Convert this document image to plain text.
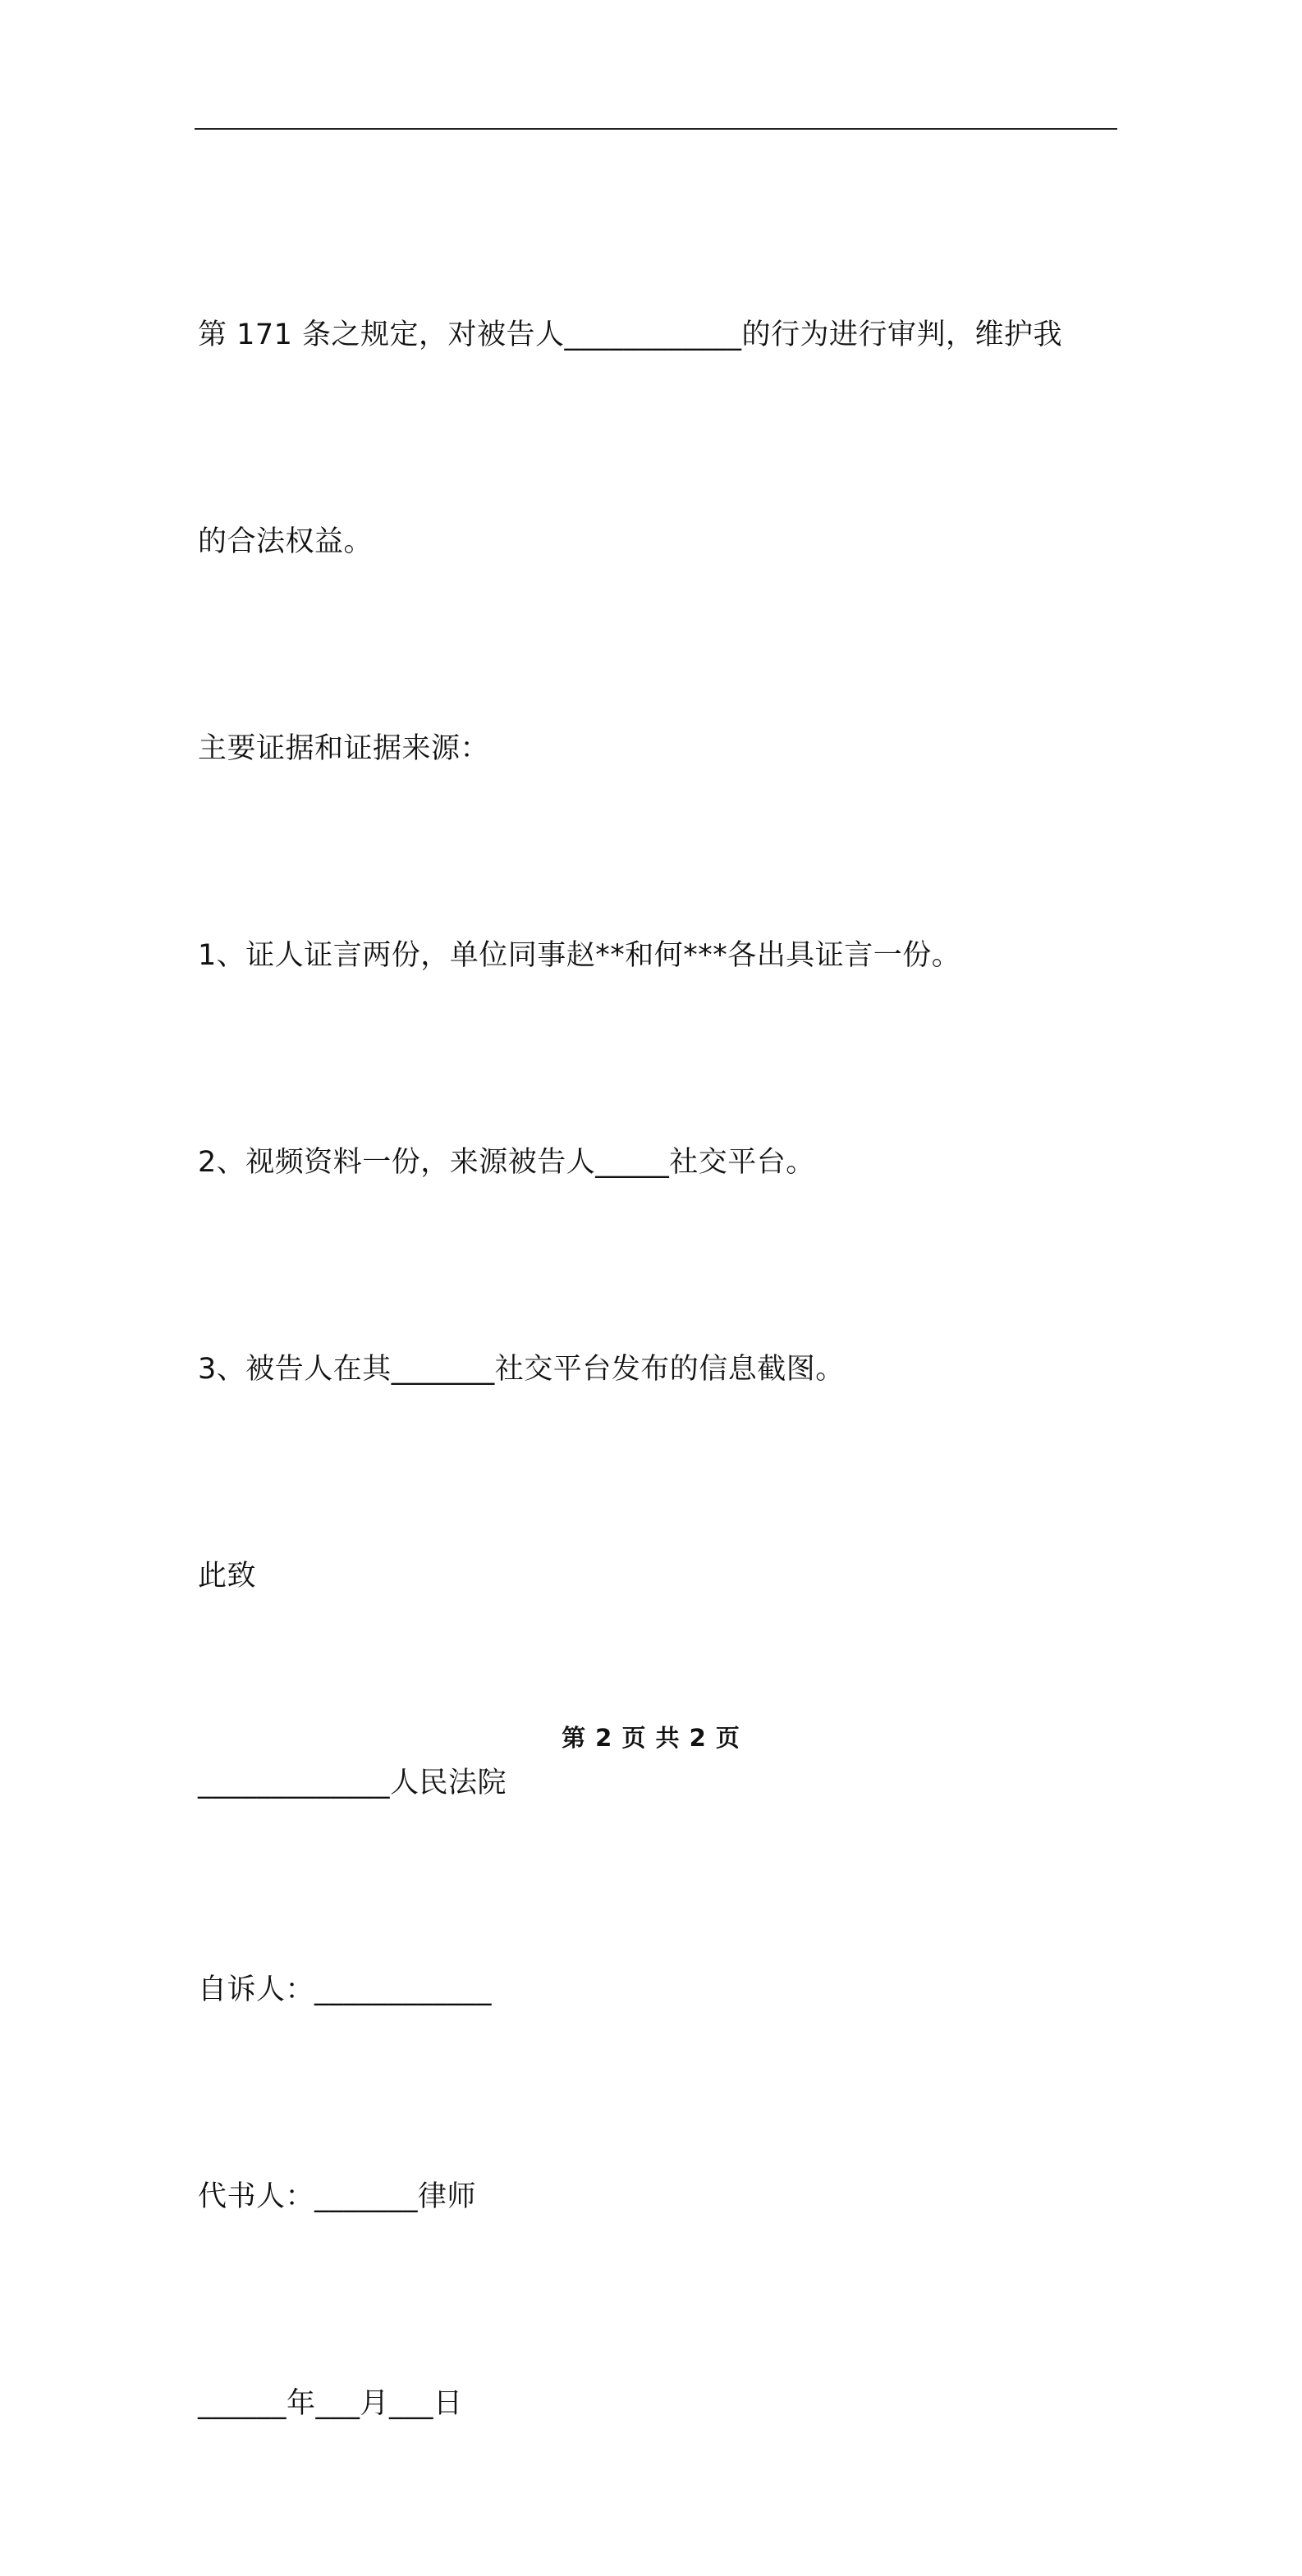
第 171 条之规定，对被告人____________的行为进行审判，维护我

的合法权益。

主要证据和证据来源：

1、证人证言两份，单位同事赵**和何***各出具证言一份。

2、视频资料一份，来源被告人_____社交平台。

3、被告人在其_______社交平台发布的信息截图。

此致

_____________人民法院

自诉人：____________

代书人：_______律师

______年___月___日

第 2 页 共 2 页
